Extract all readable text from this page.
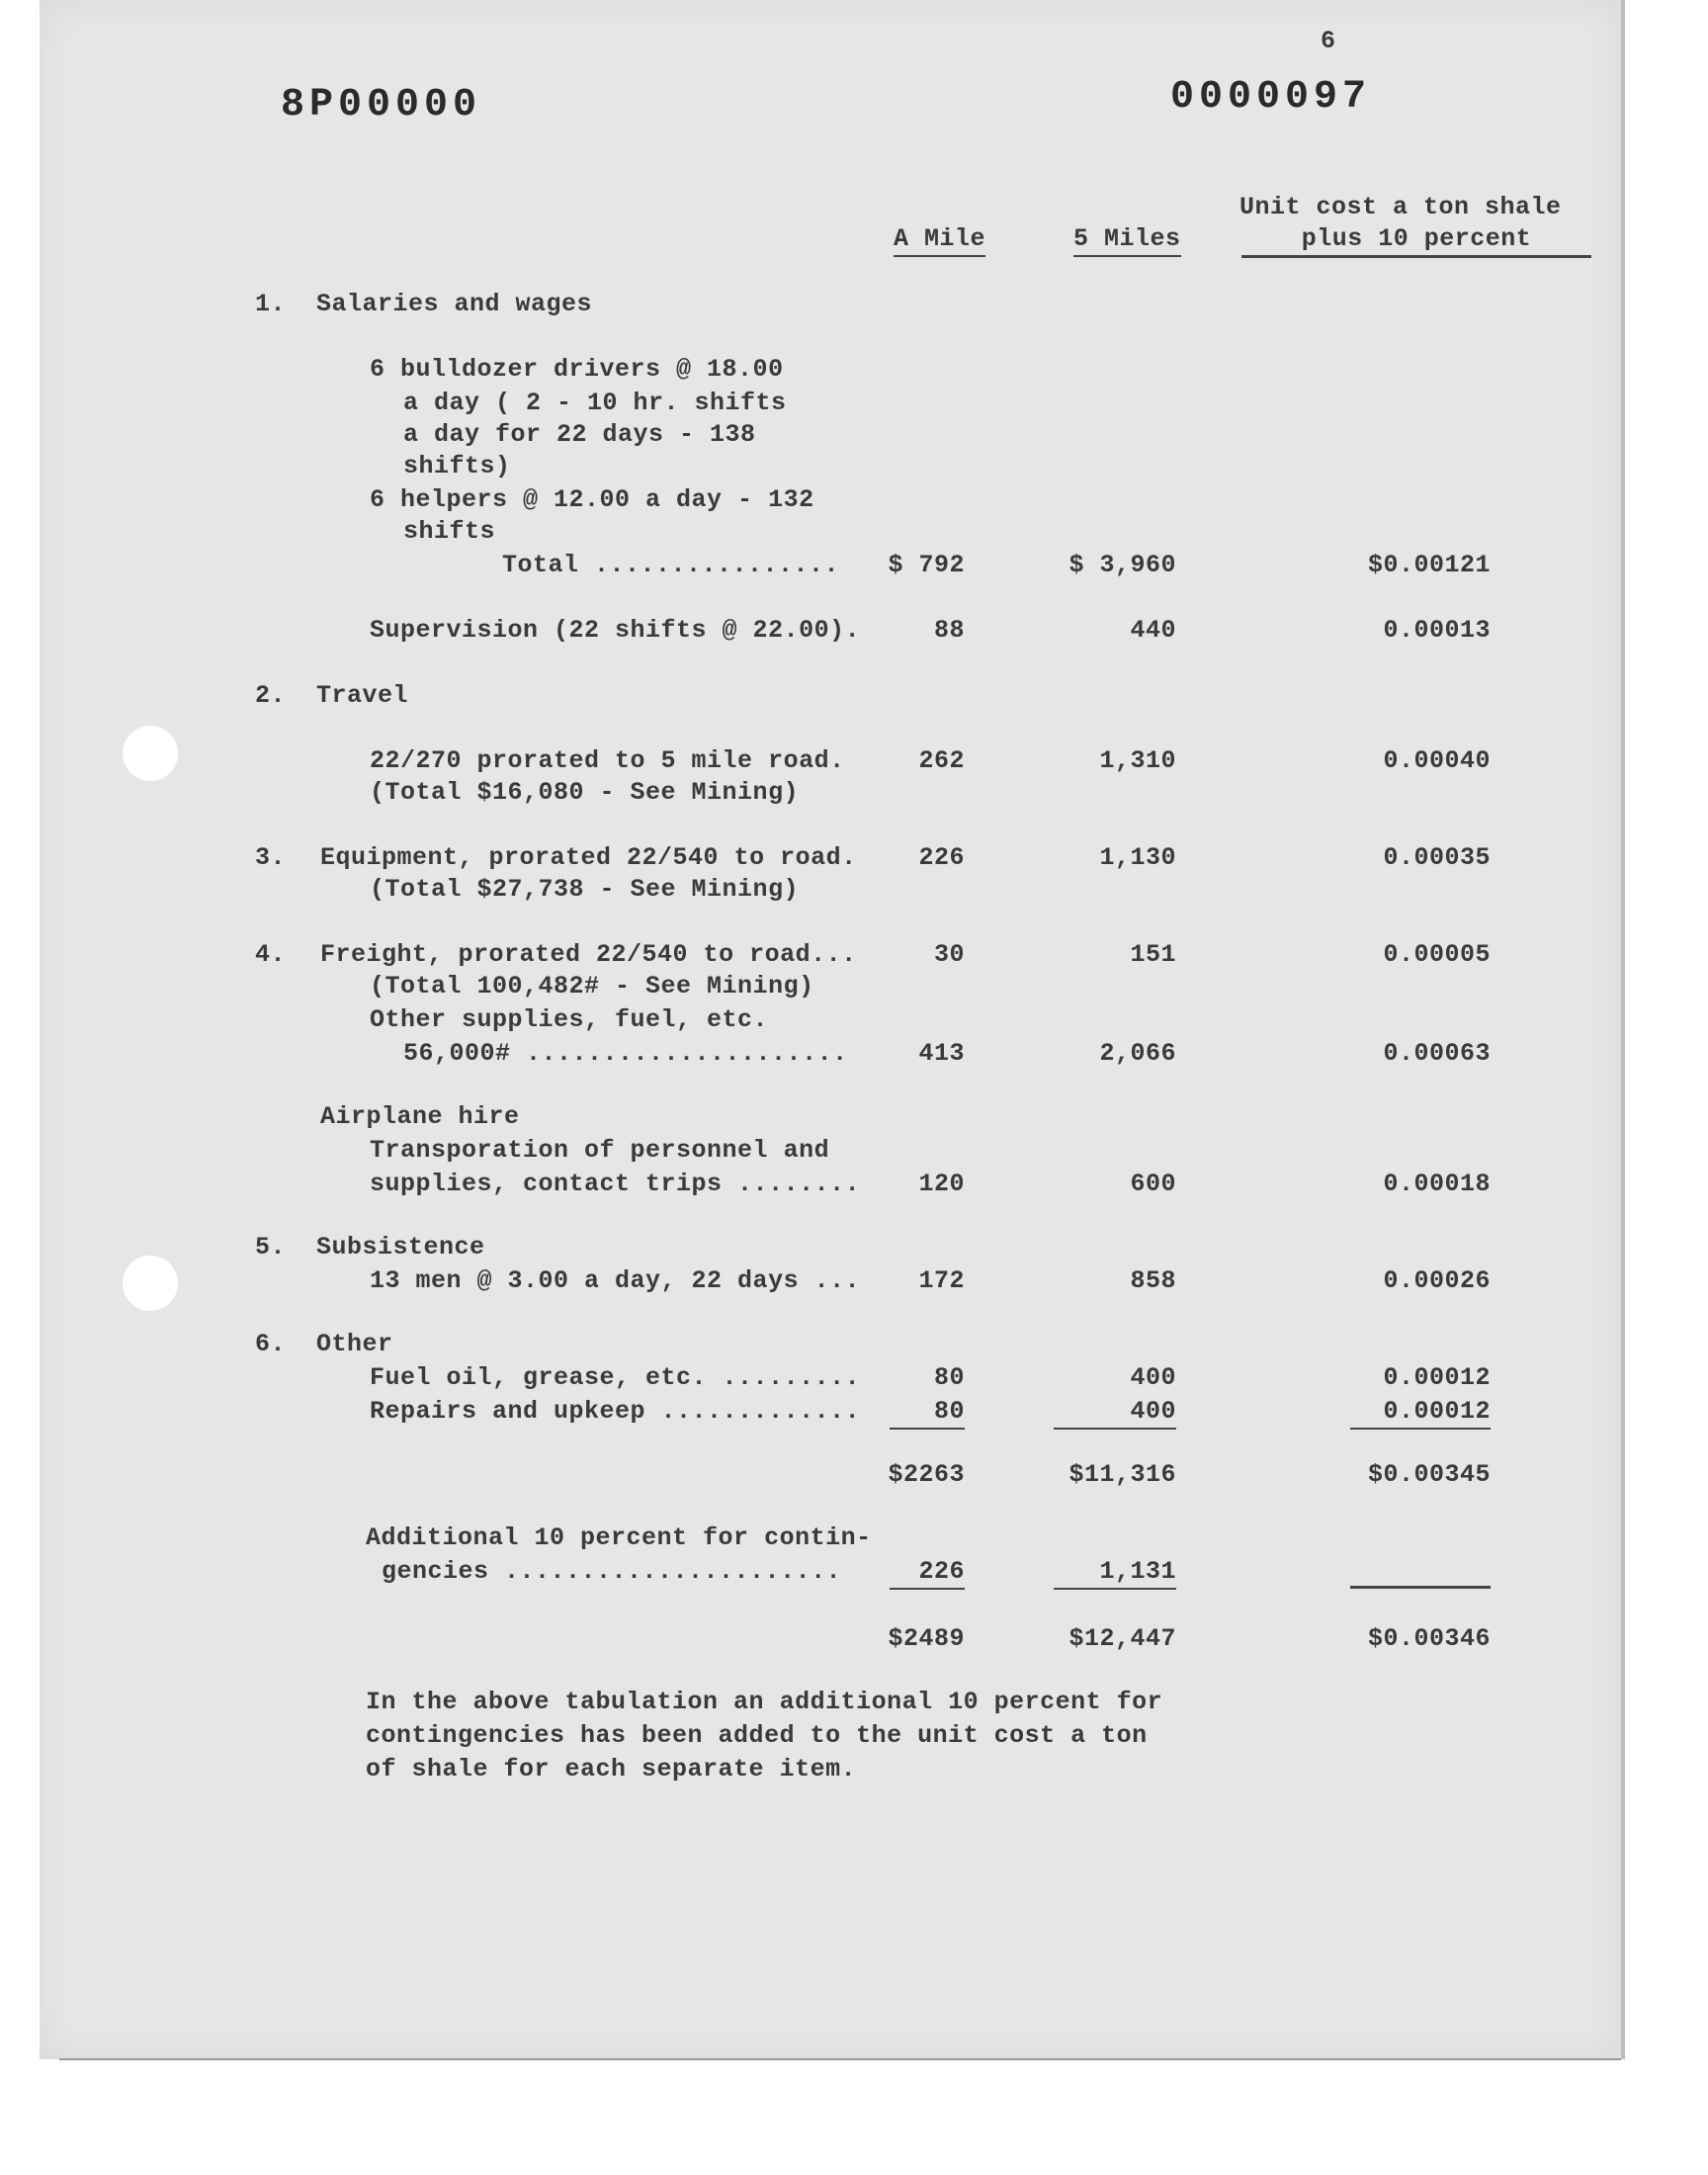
6
8P00000	0000097
A Mile	5 Miles
Unit cost a ton shale
plus 10 percent
1.  Salaries and wages
6 bulldozer drivers @ 18.00
a day ( 2 - 10 hr. shifts
a day for 22 days - 138
shifts)
6 helpers @ 12.00 a day - 132
shifts
Total ................	$ 792	$ 3,960	$0.00121
Supervision (22 shifts @ 22.00).	88	440	0.00013
2.  Travel
22/270 prorated to 5 mile road.	262	1,310	0.00040
(Total $16,080 - See Mining)
3. Equipment, prorated 22/540 to road.	226	1,130	0.00035
(Total $27,738 - See Mining)
4. Freight, prorated 22/540 to road...	30	151	0.00005
(Total 100,482# - See Mining)
Other supplies, fuel, etc.
56,000# .....................	413	2,066	0.00063
Airplane hire
Transporation of personnel and
supplies, contact trips ........	120	600	0.00018
5.  Subsistence
13 men @ 3.00 a day, 22 days ...	172	858	0.00026
6.  Other
Fuel oil, grease, etc. .........	80	400	0.00012
Repairs and upkeep .............	80	400	0.00012
$2263	$11,316	$0.00345
Additional 10 percent for contin-
gencies ......................	226	1,131
$2489	$12,447	$0.00346
In the above tabulation an additional 10 percent for
contingencies has been added to the unit cost a ton
of shale for each separate item.
